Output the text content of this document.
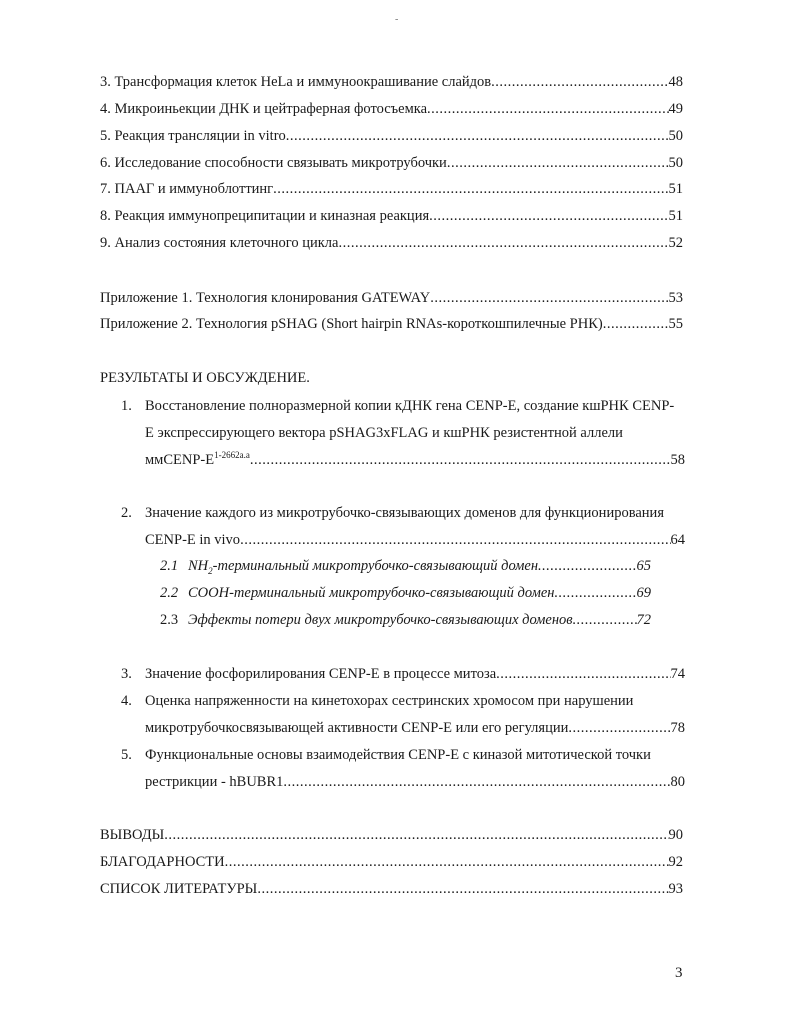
-
3. Трансформация клеток HeLa и иммуноокрашивание слайдов .....	48
4. Микроиньекции ДНК и цейтраферная фотосъемка .....	49
5. Реакция трансляции in vitro .....	50
6. Исследование способности связывать микротрубочки .....	50
7. ПААГ и иммуноблоттинг .....	51
8. Реакция иммунопреципитации и киназная реакция .....	51
9. Анализ состояния клеточного цикла .....	52
Приложение 1. Технология клонирования GATEWAY .....	53
Приложение 2. Технология pSHAG (Short hairpin RNAs-короткошпилечные РНК) .....	55
РЕЗУЛЬТАТЫ И ОБСУЖДЕНИЕ.
1. Восстановление полноразмерной копии кДНК гена CENP-E, создание кшРНК CENP-
E экспрессирующего вектора pSHAG3xFLAG и кшРНК резистентной аллели
ммCENP-$E^{1-2662a.a}$ .....	58
2. Значение каждого из микротрубочко-связывающих доменов для функционирования
CENP-E in vivo .....	64
2.1 $NH_2$-терминальный микротрубочко-связывающий домен .....	65
2.2 СООН-терминальный микротрубочко-связывающий домен .....	69
2.3 Эффекты потери двух микротрубочко-связывающих доменов .....	72
3. Значение фосфорилирования CENP-E в процессе митоза .....	74
4. Оценка напряженности на кинетохорах сестринских хромосом при нарушении
микротрубочкосвязывающей активности CENP-E или его регуляции .....	78
5. Функциональные основы взаимодействия CENP-E с киназой митотической точки
рестрикции - hBUBR1 .....	80
ВЫВОДЫ .....	90
БЛАГОДАРНОСТИ .....	92
СПИСОК ЛИТЕРАТУРЫ .....	93
3
